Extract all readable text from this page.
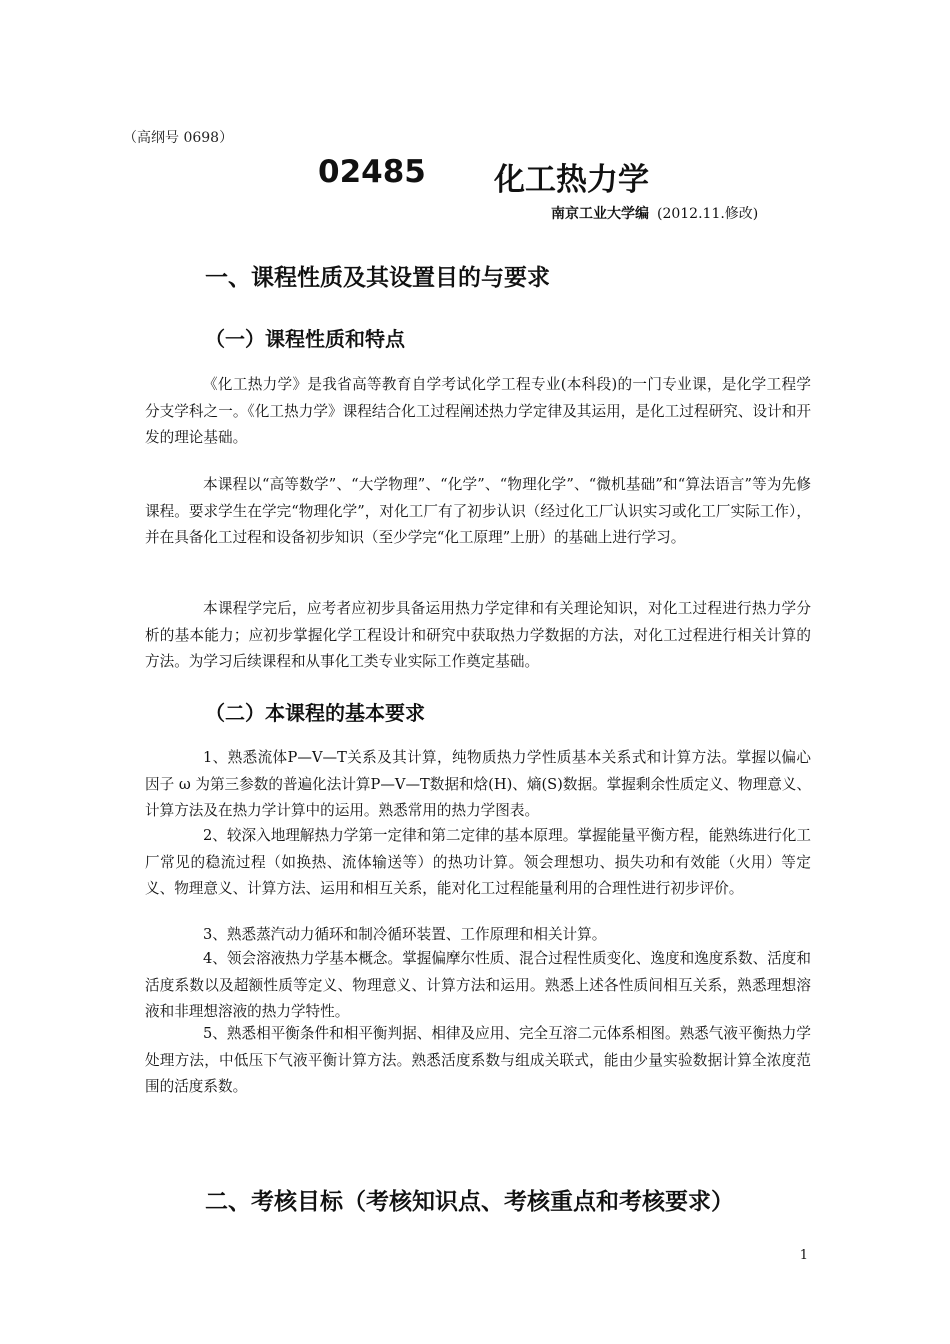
（高纲号 0698）

02485 化工热力学

南京工业大学编 (2012.11.修改)

一、课程性质及其设置目的与要求
（一）课程性质和特点

《化工热力学》是我省高等教育自学考试化学工程专业(本科段)的一门专业课，是化学工程学分支学科之一。《化工热力学》课程结合化工过程阐述热力学定律及其运用，是化工过程研究、设计和开发的理论基础。

本课程以“高等数学”、“大学物理”、“化学”、“物理化学”、“微机基础”和“算法语言”等为先修课程。要求学生在学完“物理化学”，对化工厂有了初步认识（经过化工厂认识实习或化工厂实际工作），并在具备化工过程和设备初步知识（至少学完“化工原理”上册）的基础上进行学习。

本课程学完后，应考者应初步具备运用热力学定律和有关理论知识，对化工过程进行热力学分析的基本能力；应初步掌握化学工程设计和研究中获取热力学数据的方法，对化工过程进行相关计算的方法。为学习后续课程和从事化工类专业实际工作奠定基础。

（二）本课程的基本要求

1、熟悉流体P—V—T关系及其计算，纯物质热力学性质基本关系式和计算方法。掌握以偏心因子 ω 为第三参数的普遍化法计算P—V—T数据和焓(H)、熵(S)数据。掌握剩余性质定义、物理意义、计算方法及在热力学计算中的运用。熟悉常用的热力学图表。

2、较深入地理解热力学第一定律和第二定律的基本原理。掌握能量平衡方程，能熟练进行化工厂常见的稳流过程（如换热、流体输送等）的热功计算。领会理想功、损失功和有效能（火用）等定义、物理意义、计算方法、运用和相互关系，能对化工过程能量利用的合理性进行初步评价。

3、熟悉蒸汽动力循环和制冷循环装置、工作原理和相关计算。

4、领会溶液热力学基本概念。掌握偏摩尔性质、混合过程性质变化、逸度和逸度系数、活度和活度系数以及超额性质等定义、物理意义、计算方法和运用。熟悉上述各性质间相互关系，熟悉理想溶液和非理想溶液的热力学特性。

5、熟悉相平衡条件和相平衡判据、相律及应用、完全互溶二元体系相图。熟悉气液平衡热力学处理方法，中低压下气液平衡计算方法。熟悉活度系数与组成关联式，能由少量实验数据计算全浓度范围的活度系数。

二、考核目标（考核知识点、考核重点和考核要求）

1
